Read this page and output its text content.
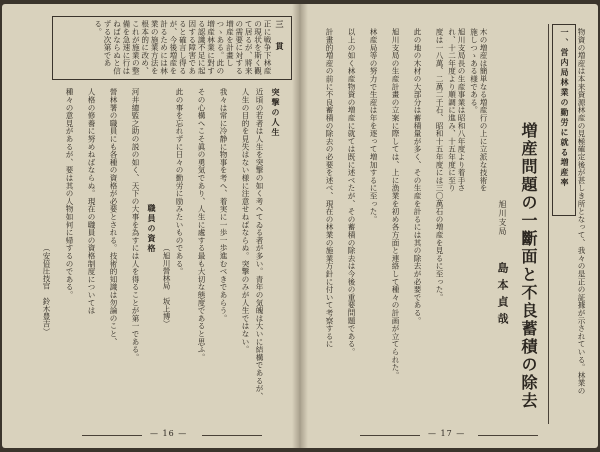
正に戦争下林産の現状を斯く觀て居るが、將来の需要に対する増産を計畫しつゝある。此の増産林業に對する認識不足に起因する障害であると確言し得るが、今後増産を計るためには林業の施業方法を根本的に改め、これが施業の整備を急速に行はねばならぬと信ずる次第である。	三 貫
突撃の人生
近頃の若者は人生を突撃の如く考へてゐる者が多い。青年の気魄は大いに結構であるが、
人生の目的を見失はない様に注意せねばならぬ。突撃のみが人生ではない。
我々は常に冷静に物事を考へ、着実に一歩一歩進むべきであらう。
その心構へこそ眞の勇気であり、人生に處する最も大切な態度であると思ふ。
此の事を忘れずに日々の勤労に励みたいものである。
（旭川營林局　坂上博）
職員の資格
河井總監之助の説の如く、天下の大事を為すには人を得ることが第一である。
營林署の職員にも各種の資格が必要とされる。技術的知識は勿論のこと、
人格の修養に努めねばならぬ。現在の職員の資格制度については
種々の意見があるが、要は其の人物如何に帰するのである。
（安倍圧技官　鈴木豊吉）
— 16 —
増産問題の一斷面と不良蓄積の除去
旭川支局
島本貞哉
一、営内局林業の勤労に就る増産率 物資の増産は本来資源林産の見極確定後が甚しき所となって、我々の是正の証據が示されている。林業の
木の増産は簡単なる増産行の上に立派な技術を施しつゝある様である。
旭川支局長の生産事業は昭和八年度より着手され、十二年度より順調に進み、十五年度に至り
度は一八萬、二萬二千石、昭和十五年度には三〇萬石の増産を見るに至った。
此の地の木材の大部分は蓄積量が多く、その生産を計るには其の除去が必要である。
旭川支局の生産計畫の立案に際しては、上に漁業を初め各方面と連絡して種々の計画が立てられた。
林産局等の努力で生産は年を逐って増加するに至った。
以上の如く林産物資の増産に就ては既に述べたが、その蓄積の除去は今後の重要問題である。
計畫的増産の前に不良蓄積の除去の必要を述べ、現在の林業の施業方針に付いて考察するに
— 17 —
